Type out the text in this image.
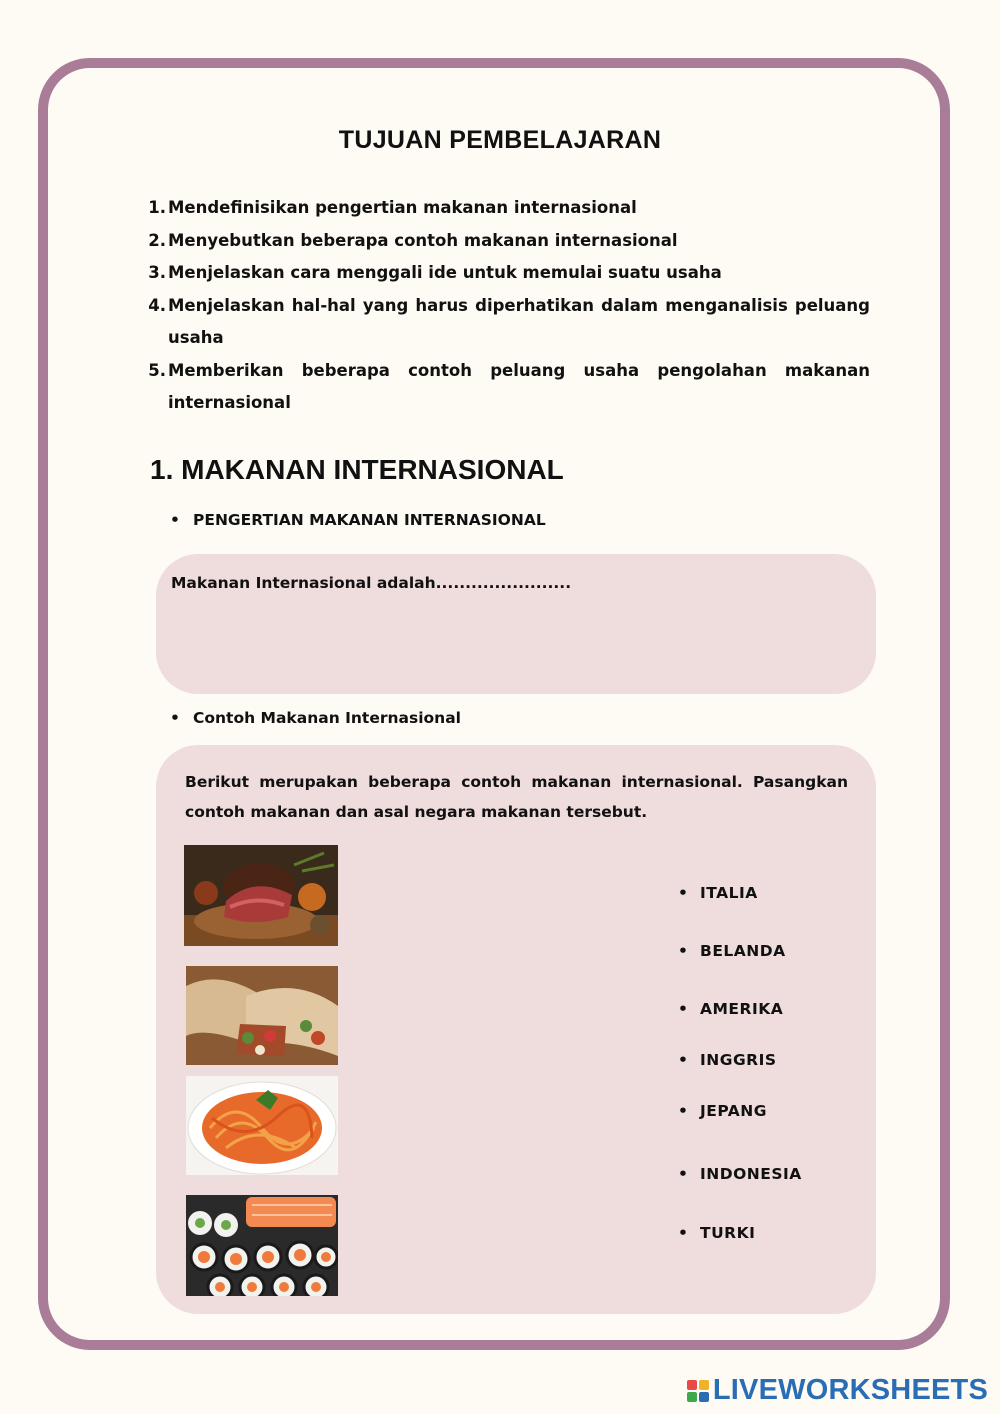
TUJUAN PEMBELAJARAN
1. Mendefinisikan pengertian makanan internasional
2. Menyebutkan beberapa contoh makanan internasional
3. Menjelaskan cara menggali ide untuk memulai suatu usaha
4. Menjelaskan hal-hal yang harus diperhatikan dalam menganalisis peluang usaha
5. Memberikan beberapa contoh peluang usaha pengolahan makanan internasional
1. MAKANAN INTERNASIONAL
• PENGERTIAN MAKANAN INTERNASIONAL
Makanan Internasional adalah.......................
• Contoh Makanan Internasional
Berikut merupakan beberapa contoh makanan internasional. Pasangkan contoh makanan dan asal negara makanan tersebut.
• ITALIA
• BELANDA
• AMERIKA
• INGGRIS
• JEPANG
• INDONESIA
• TURKI
LIVEWORKSHEETS
